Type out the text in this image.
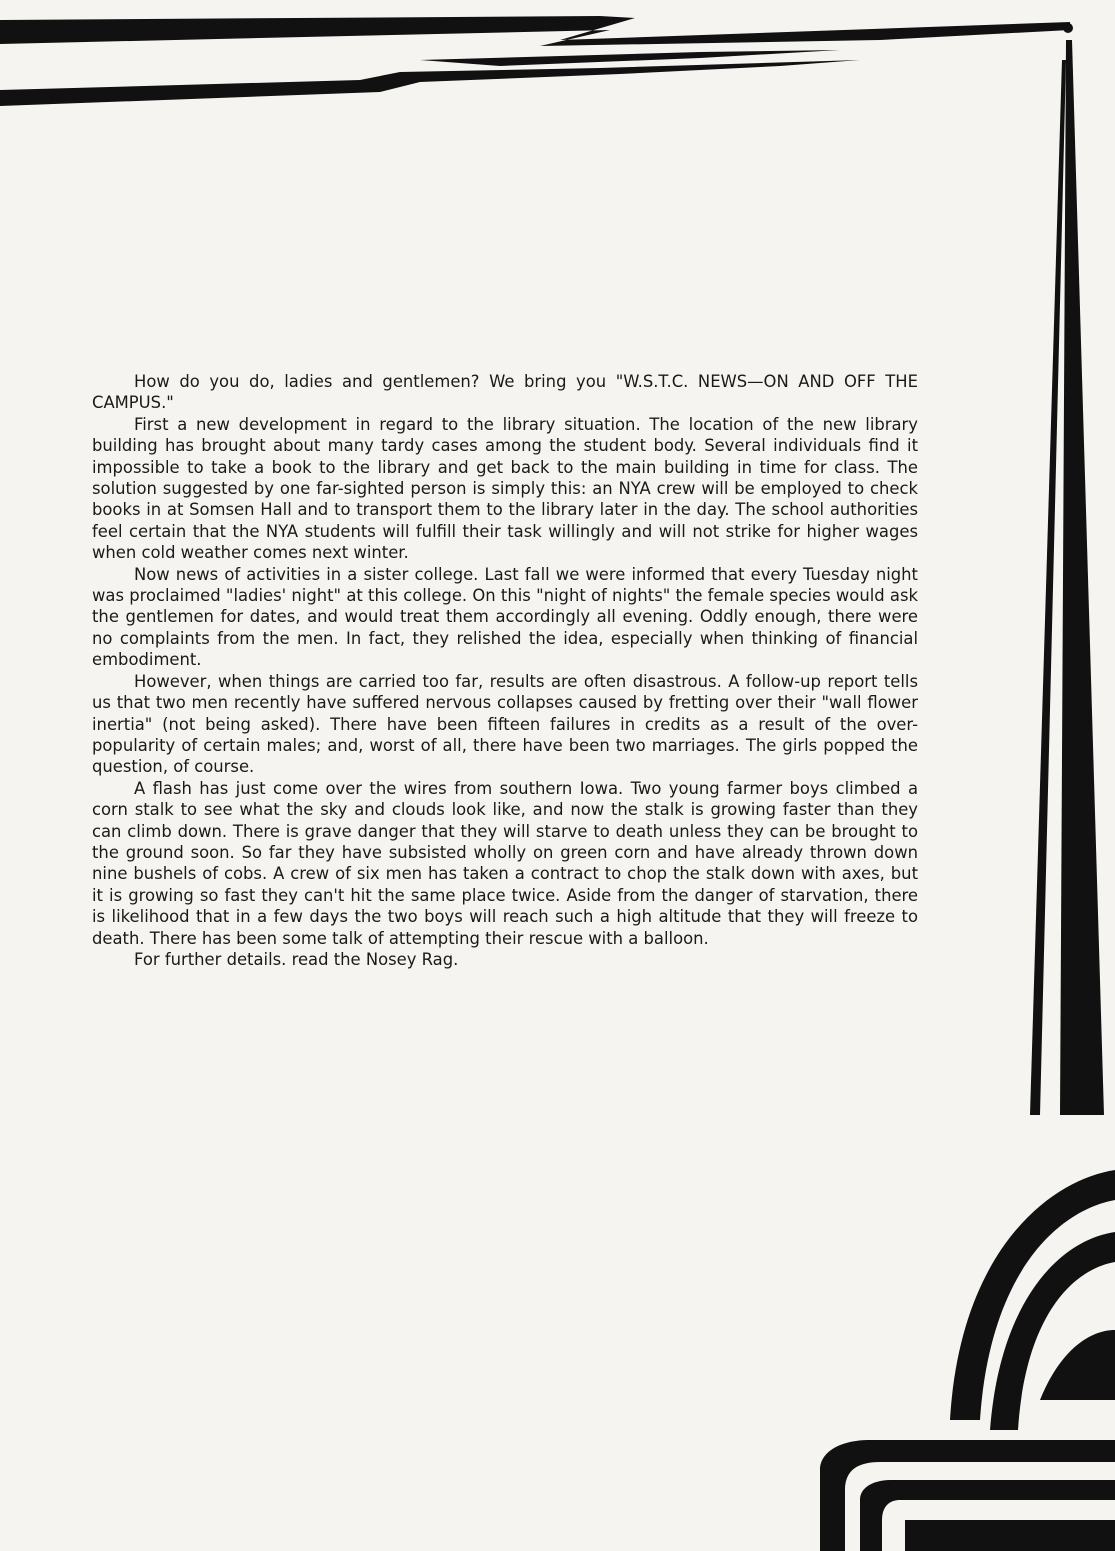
How do you do, ladies and gentlemen? We bring you "W.S.T.C. NEWS—ON AND OFF THE CAMPUS."

First a new development in regard to the library situation. The location of the new library building has brought about many tardy cases among the student body. Several individuals find it impossible to take a book to the library and get back to the main building in time for class. The solution suggested by one far-sighted person is simply this: an NYA crew will be employed to check books in at Somsen Hall and to transport them to the library later in the day. The school authorities feel certain that the NYA students will fulfill their task willingly and will not strike for higher wages when cold weather comes next winter.

Now news of activities in a sister college. Last fall we were informed that every Tuesday night was proclaimed "ladies' night" at this college. On this "night of nights" the female species would ask the gentlemen for dates, and would treat them accordingly all evening. Oddly enough, there were no complaints from the men. In fact, they relished the idea, especially when thinking of financial embodiment.

However, when things are carried too far, results are often disastrous. A follow-up report tells us that two men recently have suffered nervous collapses caused by fretting over their "wall flower inertia" (not being asked). There have been fifteen failures in credits as a result of the over-popularity of certain males; and, worst of all, there have been two marriages. The girls popped the question, of course.

A flash has just come over the wires from southern Iowa. Two young farmer boys climbed a corn stalk to see what the sky and clouds look like, and now the stalk is growing faster than they can climb down. There is grave danger that they will starve to death unless they can be brought to the ground soon. So far they have subsisted wholly on green corn and have already thrown down nine bushels of cobs. A crew of six men has taken a contract to chop the stalk down with axes, but it is growing so fast they can't hit the same place twice. Aside from the danger of starvation, there is likelihood that in a few days the two boys will reach such a high altitude that they will freeze to death. There has been some talk of attempting their rescue with a balloon.

For further details. read the Nosey Rag.
